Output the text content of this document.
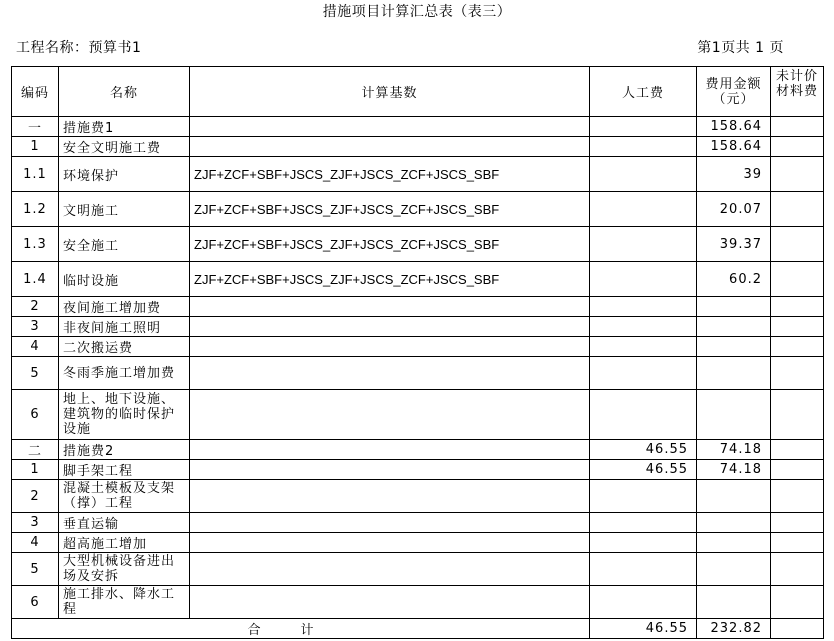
措施项目计算汇总表（表三）
工程名称：预算书1	第1页共 1 页
编码	名称	计算基数	人工费	费用金额（元）	未计价材料费
一	措施费1			158.64	
1	安全文明施工费			158.64	
1.1	环境保护	ZJF+ZCF+SBF+JSCS_ZJF+JSCS_ZCF+JSCS_SBF		39	
1.2	文明施工	ZJF+ZCF+SBF+JSCS_ZJF+JSCS_ZCF+JSCS_SBF		20.07	
1.3	安全施工	ZJF+ZCF+SBF+JSCS_ZJF+JSCS_ZCF+JSCS_SBF		39.37	
1.4	临时设施	ZJF+ZCF+SBF+JSCS_ZJF+JSCS_ZCF+JSCS_SBF		60.2	
2	夜间施工增加费				
3	非夜间施工照明				
4	二次搬运费				
5	冬雨季施工增加费				
6	地上、地下设施、建筑物的临时保护设施				
二	措施费2		46.55	74.18	
1	脚手架工程		46.55	74.18	
2	混凝土模板及支架（撑）工程				
3	垂直运输				
4	超高施工增加				
5	大型机械设备进出场及安拆				
6	施工排水、降水工程				
合计			46.55	232.82	
